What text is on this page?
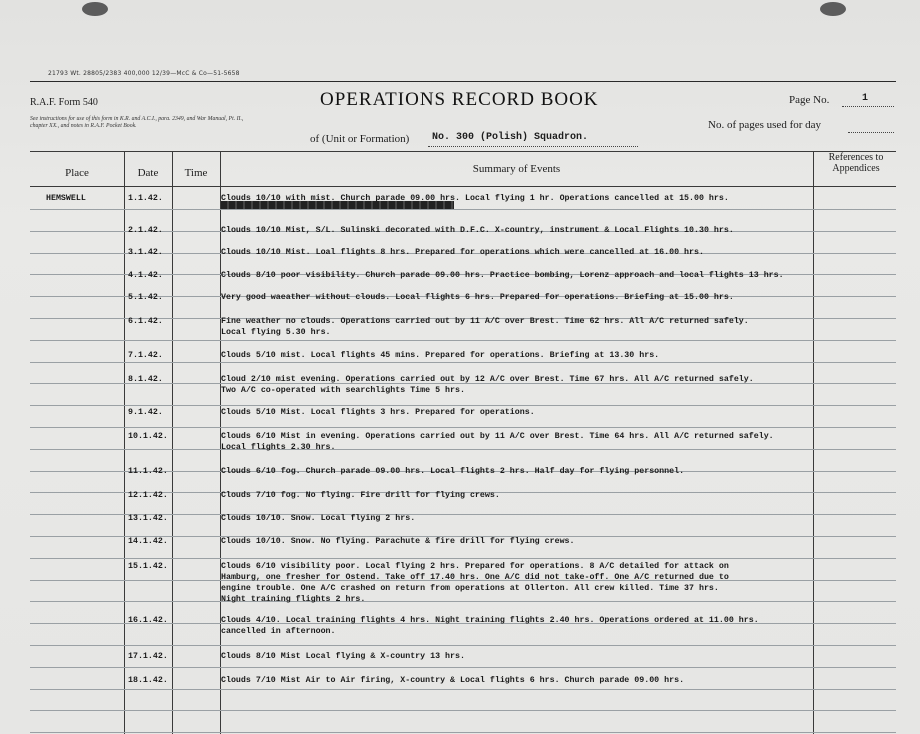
21793 Wt. 28805/2383 400,000 12/39—McC & Co—51-5658
R.A.F. Form 540
See instructions for use of this form in K.R. and A.C.I., para. 2349, and War Manual, Pt. II., chapter XX., and notes in R.A.F. Pocket Book.
OPERATIONS RECORD BOOK
of (Unit or Formation) No. 300 (Polish) Squadron.
Page No.	1
No. of pages used for day
Place	Date	Time	Summary of Events
References to Appendices
HEMSWELL	1.1.42.	Clouds 10/10 with mist. Church parade 09.00 hrs. Local flying 1 hr. Operations cancelled at 15.00 hrs.
2.1.42.	Clouds 10/10 Mist, S/L. Sulinski decorated with D.F.C. X-country, instrument & Local Flights 10.30 hrs.
3.1.42.	Clouds 10/10 Mist. Loal flights 8 hrs. Prepared for operations which were cancelled at 16.00 hrs.
4.1.42.	Clouds 8/10 poor visibility. Church parade 09.00 hrs. Practice bombing, Lorenz approach and local flights 13 hrs.
5.1.42.	Very good waeather without clouds. Local flights 6 hrs. Prepared for operations. Briefing at 15.00 hrs.
6.1.42.	Fine weather no clouds. Operations carried out by 11 A/C over Brest. Time 62 hrs. All A/C returned safely.
Local flying 5.30 hrs.
7.1.42.	Clouds 5/10 mist. Local flights 45 mins. Prepared for operations. Briefing at 13.30 hrs.
8.1.42.	Cloud 2/10 mist evening. Operations carried out by 12 A/C over Brest. Time 67 hrs. All A/C returned safely.
Two A/C co-operated with searchlights Time 5 hrs.
9.1.42.	Clouds 5/10 Mist. Local flights 3 hrs. Prepared for operations.
10.1.42.	Clouds 6/10 Mist in evening. Operations carried out by 11 A/C over Brest. Time 64 hrs. All A/C returned safely.
Local flights 2.30 hrs.
11.1.42.	Clouds 6/10 fog. Church parade 09.00 hrs. Local flights 2 hrs. Half day for flying personnel.
12.1.42.	Clouds 7/10 fog. No flying. Fire drill for flying crews.
13.1.42.	Clouds 10/10. Snow. Local flying 2 hrs.
14.1.42.	Clouds 10/10. Snow. No flying. Parachute & fire drill for flying crews.
15.1.42.	Clouds 6/10 visibility poor. Local flying 2 hrs. Prepared for operations. 8 A/C detailed for attack on
Hamburg, one fresher for Ostend. Take off 17.40 hrs. One A/C did not take-off. One A/C returned due to
engine trouble. One A/C crashed on return from operations at Ollerton. All crew killed. Time 37 hrs.
Night training flights 2 hrs.
16.1.42.	Clouds 4/10. Local training flights 4 hrs. Night training flights 2.40 hrs. Operations ordered at 11.00 hrs.
cancelled in afternoon.
17.1.42.	Clouds 8/10 Mist Local flying & X-country 13 hrs.
18.1.42.	Clouds 7/10 Mist Air to Air firing, X-country & Local flights 6 hrs. Church parade 09.00 hrs.
